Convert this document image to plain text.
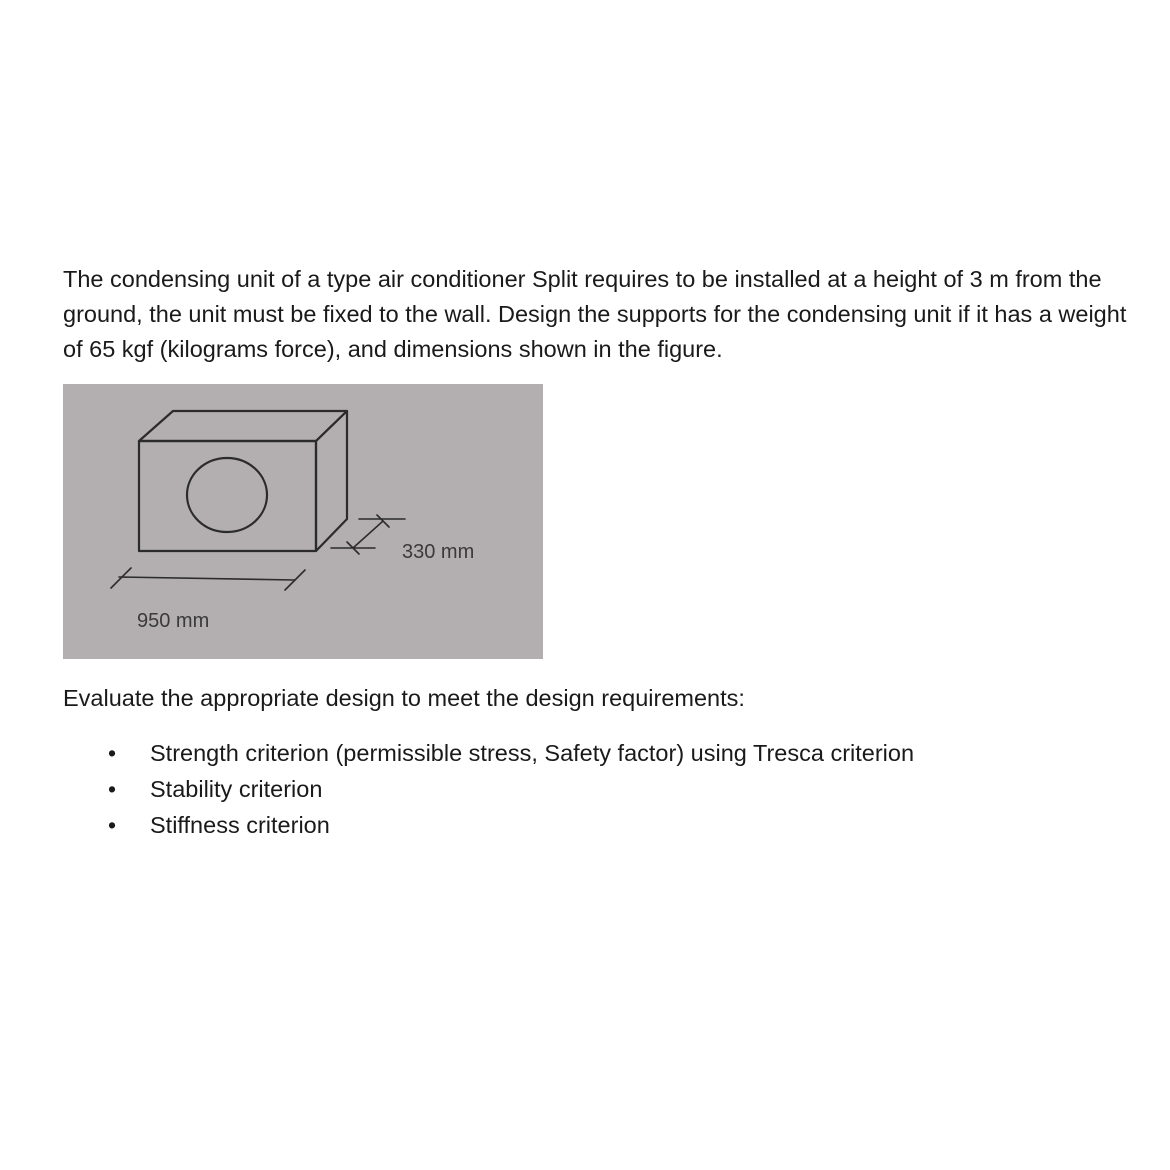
The condensing unit of a type air conditioner Split requires to be installed at a height of 3 m from the ground, the unit must be fixed to the wall. Design the supports for the condensing unit if it has a weight of 65 kgf (kilograms force), and dimensions shown in the figure.

330 mm
950 mm

Evaluate the appropriate design to meet the design requirements:

• Strength criterion (permissible stress, Safety factor) using Tresca criterion
• Stability criterion
• Stiffness criterion
